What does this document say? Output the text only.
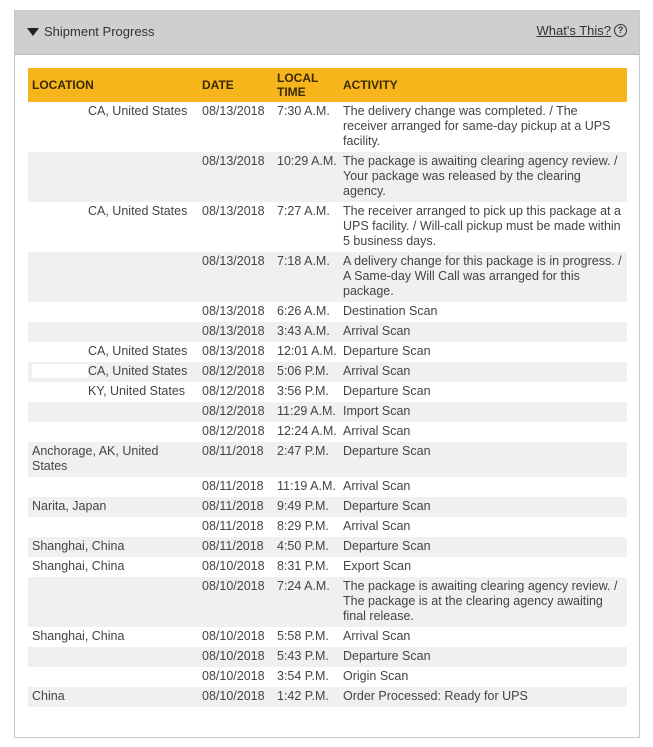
Shipment Progress	What's This? ?
LOCATION	DATE	LOCAL TIME	ACTIVITY
CA, United States	08/13/2018	7:30 A.M.	The delivery change was completed. / The receiver arranged for same-day pickup at a UPS facility.
	08/13/2018	10:29 A.M.	The package is awaiting clearing agency review. / Your package was released by the clearing agency.
CA, United States	08/13/2018	7:27 A.M.	The receiver arranged to pick up this package at a UPS facility. / Will-call pickup must be made within 5 business days.
	08/13/2018	7:18 A.M.	A delivery change for this package is in progress. / A Same-day Will Call was arranged for this package.
	08/13/2018	6:26 A.M.	Destination Scan
	08/13/2018	3:43 A.M.	Arrival Scan
CA, United States	08/13/2018	12:01 A.M.	Departure Scan
CA, United States	08/12/2018	5:06 P.M.	Arrival Scan
KY, United States	08/12/2018	3:56 P.M.	Departure Scan
	08/12/2018	11:29 A.M.	Import Scan
	08/12/2018	12:24 A.M.	Arrival Scan
Anchorage, AK, United States	08/11/2018	2:47 P.M.	Departure Scan
	08/11/2018	11:19 A.M.	Arrival Scan
Narita, Japan	08/11/2018	9:49 P.M.	Departure Scan
	08/11/2018	8:29 P.M.	Arrival Scan
Shanghai, China	08/11/2018	4:50 P.M.	Departure Scan
Shanghai, China	08/10/2018	8:31 P.M.	Export Scan
	08/10/2018	7:24 A.M.	The package is awaiting clearing agency review. / The package is at the clearing agency awaiting final release.
Shanghai, China	08/10/2018	5:58 P.M.	Arrival Scan
	08/10/2018	5:43 P.M.	Departure Scan
	08/10/2018	3:54 P.M.	Origin Scan
China	08/10/2018	1:42 P.M.	Order Processed: Ready for UPS
